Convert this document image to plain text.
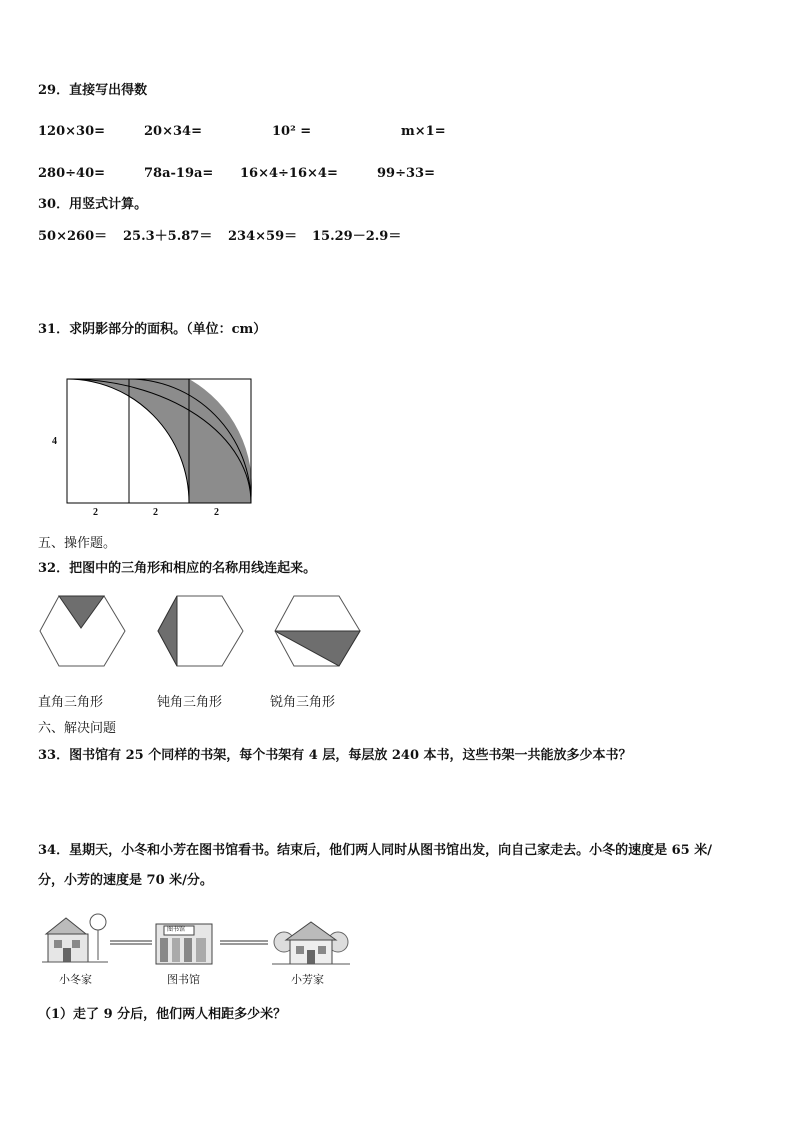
29．直接写出得数
120×30=	20×34=	10² =	m×1=
280÷40=	78a-19a= 16×4÷16×4=	99÷33=
30．用竖式计算。
50×260＝ 25.3＋5.87＝ 234×59＝ 15.29－2.9＝
31．求阴影部分的面积。（单位：cm）
4
2	2	2
五、操作题。
32．把图中的三角形和相应的名称用线连起来。
直角三角形	钝角三角形	锐角三角形
六、解决问题
33．图书馆有 25 个同样的书架，每个书架有 4 层，每层放 240 本书，这些书架一共能放多少本书？
34．星期天，小冬和小芳在图书馆看书。结束后，他们两人同时从图书馆出发，向自己家走去。小冬的速度是 65 米/
分，小芳的速度是 70 米/分。
图书馆
小冬家	图书馆	小芳家
（1）走了 9 分后，他们两人相距多少米？
